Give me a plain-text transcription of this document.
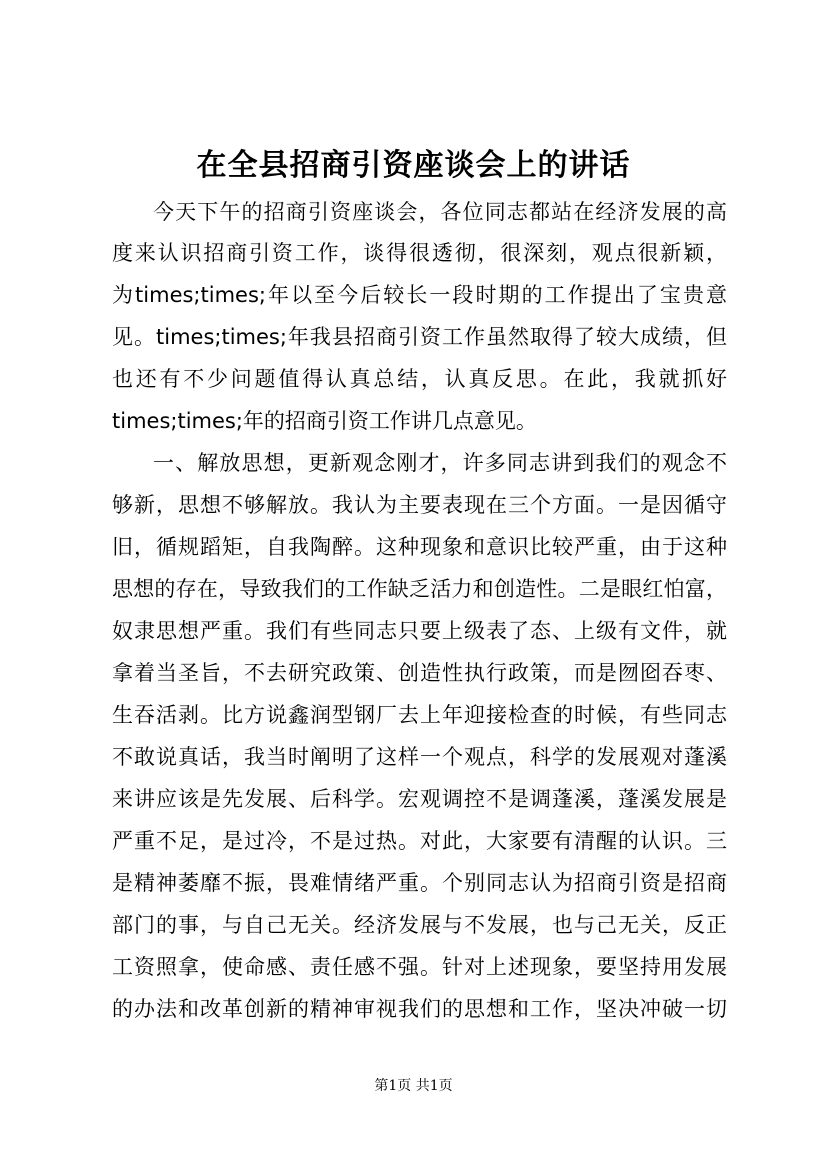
在全县招商引资座谈会上的讲话
今天下午的招商引资座谈会，各位同志都站在经济发展的高
度来认识招商引资工作，谈得很透彻，很深刻，观点很新颖，
为times;times;年以至今后较长一段时期的工作提出了宝贵意
见。times;times;年我县招商引资工作虽然取得了较大成绩，但
也还有不少问题值得认真总结，认真反思。在此，我就抓好
times;times;年的招商引资工作讲几点意见。
一、解放思想，更新观念刚才，许多同志讲到我们的观念不
够新，思想不够解放。我认为主要表现在三个方面。一是因循守
旧，循规蹈矩，自我陶醉。这种现象和意识比较严重，由于这种
思想的存在，导致我们的工作缺乏活力和创造性。二是眼红怕富，
奴隶思想严重。我们有些同志只要上级表了态、上级有文件，就
拿着当圣旨，不去研究政策、创造性执行政策，而是囫囵吞枣、
生吞活剥。比方说鑫润型钢厂去上年迎接检查的时候，有些同志
不敢说真话，我当时阐明了这样一个观点，科学的发展观对蓬溪
来讲应该是先发展、后科学。宏观调控不是调蓬溪，蓬溪发展是
严重不足，是过冷，不是过热。对此，大家要有清醒的认识。三
是精神萎靡不振，畏难情绪严重。个别同志认为招商引资是招商
部门的事，与自己无关。经济发展与不发展，也与己无关，反正
工资照拿，使命感、责任感不强。针对上述现象，要坚持用发展
的办法和改革创新的精神审视我们的思想和工作，坚决冲破一切
第1页 共1页
